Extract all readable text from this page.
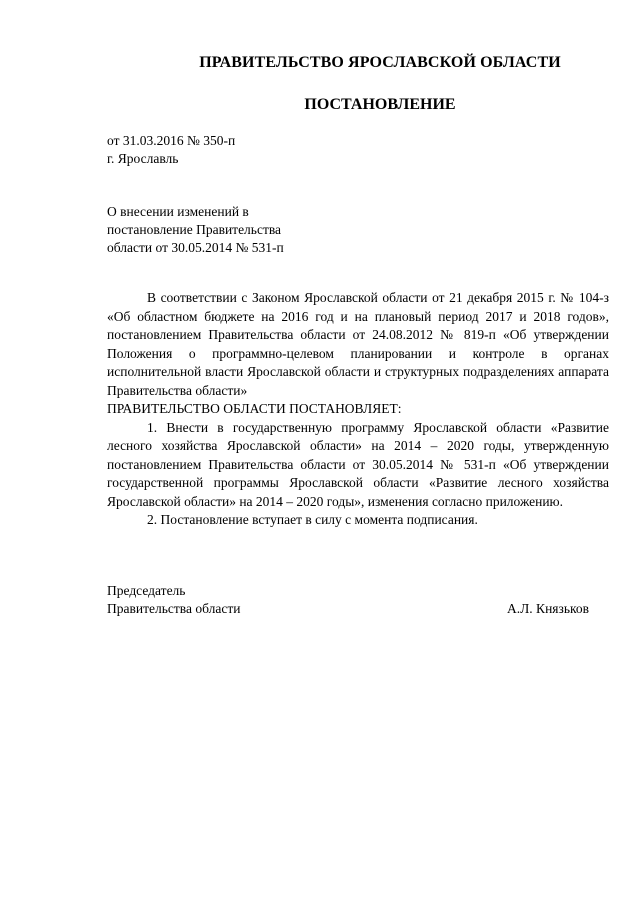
ПРАВИТЕЛЬСТВО ЯРОСЛАВСКОЙ ОБЛАСТИ
ПОСТАНОВЛЕНИЕ
от 31.03.2016 № 350-п
г. Ярославль
О внесении изменений в
постановление Правительства
области от 30.05.2014 № 531-п

В соответствии с Законом Ярославской области от 21 декабря 2015 г. № 104-з «Об областном бюджете на 2016 год и на плановый период 2017 и 2018 годов», постановлением Правительства области от 24.08.2012 № 819-п «Об утверждении Положения о программно-целевом планировании и контроле в органах исполнительной власти Ярославской области и структурных подразделениях аппарата Правительства области»

ПРАВИТЕЛЬСТВО ОБЛАСТИ ПОСТАНОВЛЯЕТ:

1. Внести в государственную программу Ярославской области «Развитие лесного хозяйства Ярославской области» на 2014 – 2020 годы, утвержденную постановлением Правительства области от 30.05.2014 № 531-п «Об утверждении государственной программы Ярославской области «Развитие лесного хозяйства Ярославской области» на 2014 – 2020 годы», изменения согласно приложению.

2. Постановление вступает в силу с момента подписания.

Председатель
Правительства области	А.Л. Князьков
